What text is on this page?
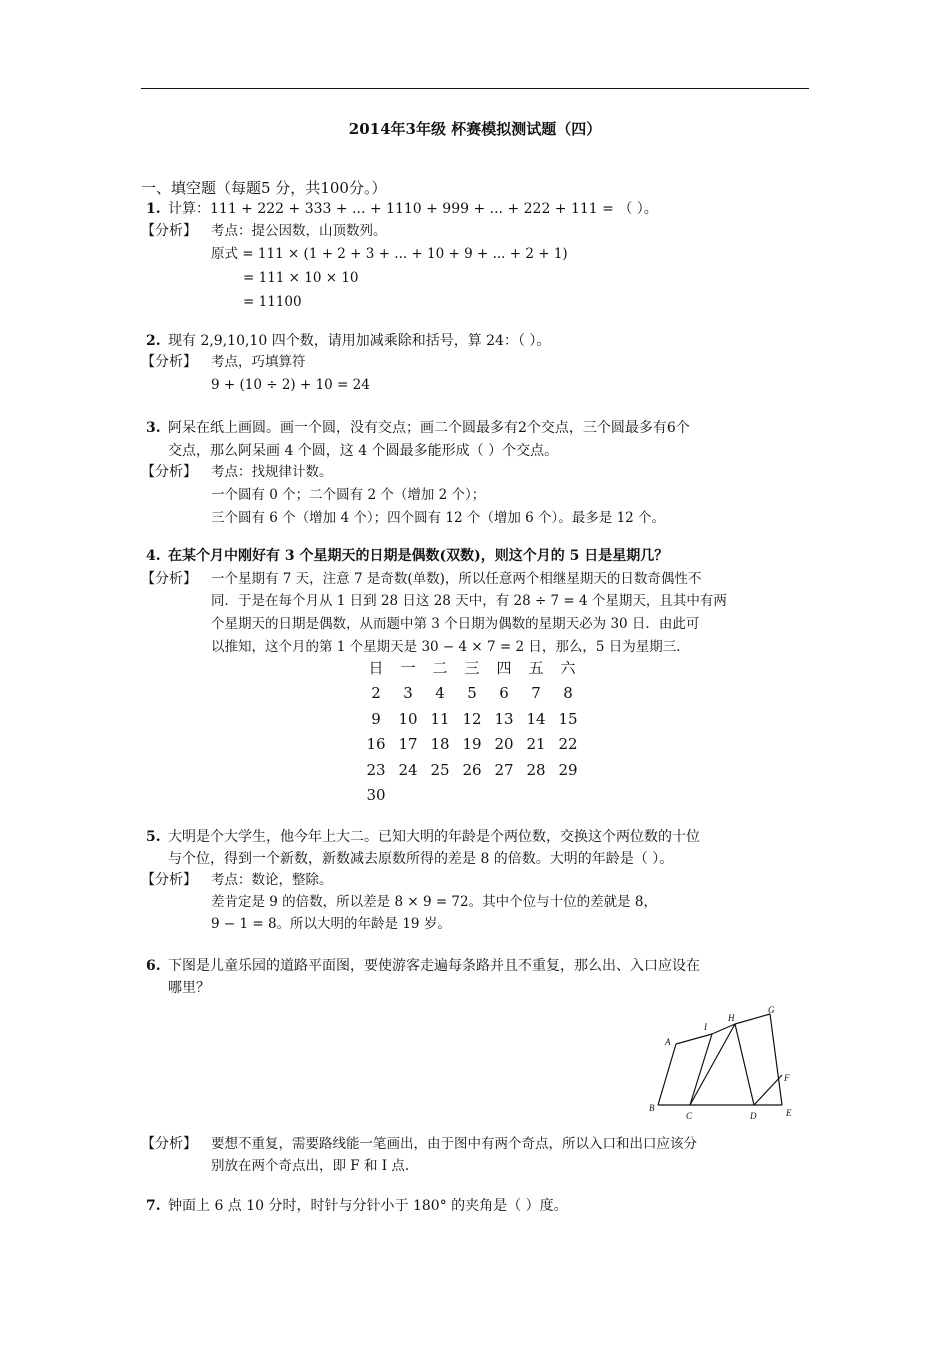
2014年3年级 杯赛模拟测试题（四）
一、填空题（每题5 分，共100分。）
1. 计算：111 + 222 + 333 + ... + 1110 + 999 + ... + 222 + 111 = （ ）。
【分析】 考点：提公因数，山顶数列。
原式 = 111 × (1 + 2 + 3 + ... + 10 + 9 + ... + 2 + 1)
= 111 × 10 × 10
= 11100
2. 现有 2,9,10,10 四个数，请用加减乘除和括号，算 24：（ ）。
【分析】 考点，巧填算符
9 + (10 ÷ 2) + 10 = 24
3. 阿呆在纸上画圆。画一个圆，没有交点；画二个圆最多有2个交点，三个圆最多有6个
交点，那么阿呆画 4 个圆，这 4 个圆最多能形成（ ）个交点。
【分析】 考点：找规律计数。
一个圆有 0 个；二个圆有 2 个（增加 2 个）；
三个圆有 6 个（增加 4 个）；四个圆有 12 个（增加 6 个）。最多是 12 个。
4. 在某个月中刚好有 3 个星期天的日期是偶数(双数)，则这个月的 5 日是星期几？
【分析】 一个星期有 7 天，注意 7 是奇数(单数)，所以任意两个相继星期天的日数奇偶性不
同．于是在每个月从 1 日到 28 日这 28 天中，有 28 ÷ 7 = 4 个星期天，且其中有两
个星期天的日期是偶数，从而题中第 3 个日期为偶数的星期天必为 30 日．由此可
以推知，这个月的第 1 个星期天是 30 − 4 × 7 = 2 日，那么，5 日为星期三．
日	一	二	三	四	五	六
2	3	4	5	6	7	8
9	10	11	12	13	14	15
16	17	18	19	20	21	22
23	24	25	26	27	28	29
30						
5. 大明是个大学生，他今年上大二。已知大明的年龄是个两位数，交换这个两位数的十位
与个位，得到一个新数，新数减去原数所得的差是 8 的倍数。大明的年龄是（ ）。
【分析】 考点：数论，整除。
差肯定是 9 的倍数，所以差是 8 × 9 = 72。其中个位与十位的差就是 8，
9 − 1 = 8。所以大明的年龄是 19 岁。
6. 下图是儿童乐园的道路平面图，要使游客走遍每条路并且不重复，那么出、入口应设在
哪里？
A
B
C	D	E
F
G
H
I
【分析】 要想不重复，需要路线能一笔画出，由于图中有两个奇点，所以入口和出口应该分
别放在两个奇点出，即 F 和 I 点.
7. 钟面上 6 点 10 分时，时针与分针小于 180° 的夹角是（ ）度。
